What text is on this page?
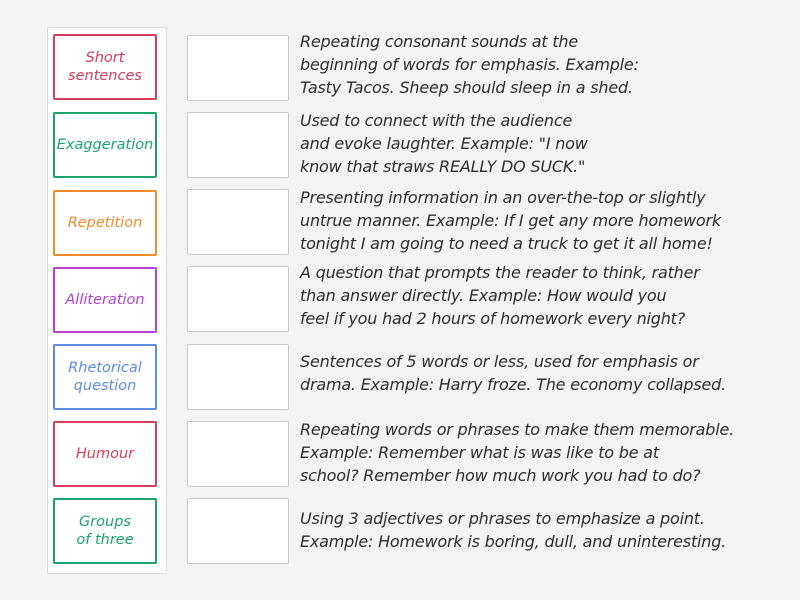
Short
sentences
Exaggeration
Repetition
Alliteration
Rhetorical
question
Humour
Groups
of three
Repeating consonant sounds at the
beginning of words for emphasis. Example:
Tasty Tacos. Sheep should sleep in a shed.
Used to connect with the audience
and evoke laughter. Example: "I now
know that straws REALLY DO SUCK."
Presenting information in an over-the-top or slightly
untrue manner. Example: If I get any more homework
tonight I am going to need a truck to get it all home!
A question that prompts the reader to think, rather
than answer directly. Example: How would you
feel if you had 2 hours of homework every night?
Sentences of 5 words or less, used for emphasis or
drama. Example: Harry froze. The economy collapsed.
Repeating words or phrases to make them memorable.
Example: Remember what is was like to be at
school? Remember how much work you had to do?
Using 3 adjectives or phrases to emphasize a point.
Example: Homework is boring, dull, and uninteresting.
